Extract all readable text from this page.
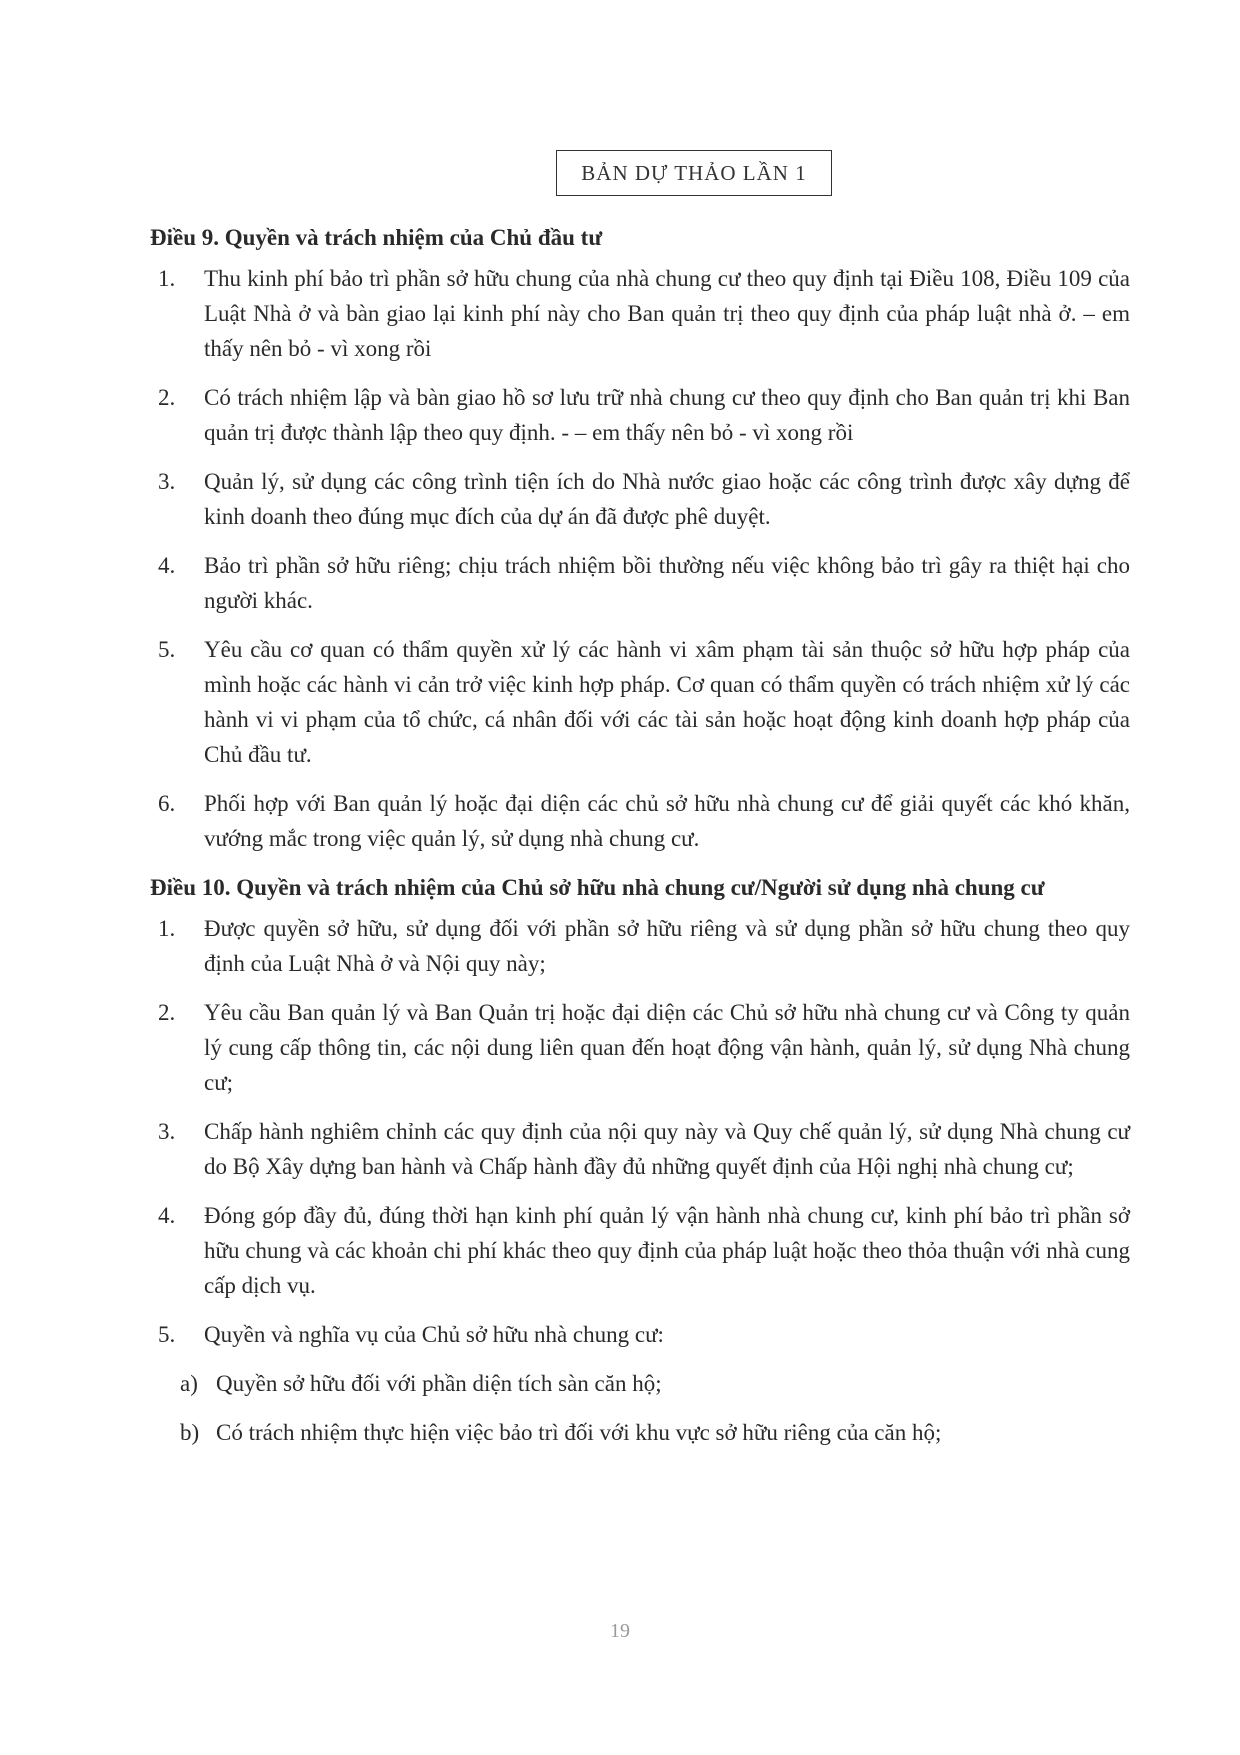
BẢN DỰ THẢO LẦN 1
Điều 9. Quyền và trách nhiệm của Chủ đầu tư
1.	Thu kinh phí bảo trì phần sở hữu chung của nhà chung cư theo quy định tại Điều 108, Điều 109 của Luật Nhà ở và bàn giao lại kinh phí này cho Ban quản trị theo quy định của pháp luật nhà ở. – em thấy nên bỏ - vì xong rồi
2.	Có trách nhiệm lập và bàn giao hồ sơ lưu trữ nhà chung cư theo quy định cho Ban quản trị khi Ban quản trị được thành lập theo quy định. - – em thấy nên bỏ - vì xong rồi
3.	Quản lý, sử dụng các công trình tiện ích do Nhà nước giao hoặc các công trình được xây dựng để kinh doanh theo đúng mục đích của dự án đã được phê duyệt.
4.	Bảo trì phần sở hữu riêng; chịu trách nhiệm bồi thường nếu việc không bảo trì gây ra thiệt hại cho người khác.
5.	Yêu cầu cơ quan có thẩm quyền xử lý các hành vi xâm phạm tài sản thuộc sở hữu hợp pháp của mình hoặc các hành vi cản trở việc kinh hợp pháp. Cơ quan có thẩm quyền có trách nhiệm xử lý các hành vi vi phạm của tổ chức, cá nhân đối với các tài sản hoặc hoạt động kinh doanh hợp pháp của Chủ đầu tư.
6.	Phối hợp với Ban quản lý hoặc đại diện các chủ sở hữu nhà chung cư để giải quyết các khó khăn, vướng mắc trong việc quản lý, sử dụng nhà chung cư.
Điều 10. Quyền và trách nhiệm của Chủ sở hữu nhà chung cư/Người sử dụng nhà chung cư
1.	Được quyền sở hữu, sử dụng đối với phần sở hữu riêng và sử dụng phần sở hữu chung theo quy định của Luật Nhà ở và Nội quy này;
2.	Yêu cầu Ban quản lý và Ban Quản trị hoặc đại diện các Chủ sở hữu nhà chung cư và Công ty quản lý cung cấp thông tin, các nội dung liên quan đến hoạt động vận hành, quản lý, sử dụng Nhà chung cư;
3.	Chấp hành nghiêm chỉnh các quy định của nội quy này và Quy chế quản lý, sử dụng Nhà chung cư do Bộ Xây dựng ban hành và Chấp hành đầy đủ những quyết định của Hội nghị nhà chung cư;
4.	Đóng góp đầy đủ, đúng thời hạn kinh phí quản lý vận hành nhà chung cư, kinh phí bảo trì phần sở hữu chung và các khoản chi phí khác theo quy định của pháp luật hoặc theo thỏa thuận với nhà cung cấp dịch vụ.
5.	Quyền và nghĩa vụ của Chủ sở hữu nhà chung cư:
a) Quyền sở hữu đối với phần diện tích sàn căn hộ;
b) Có trách nhiệm thực hiện việc bảo trì đối với khu vực sở hữu riêng của căn hộ;
19
